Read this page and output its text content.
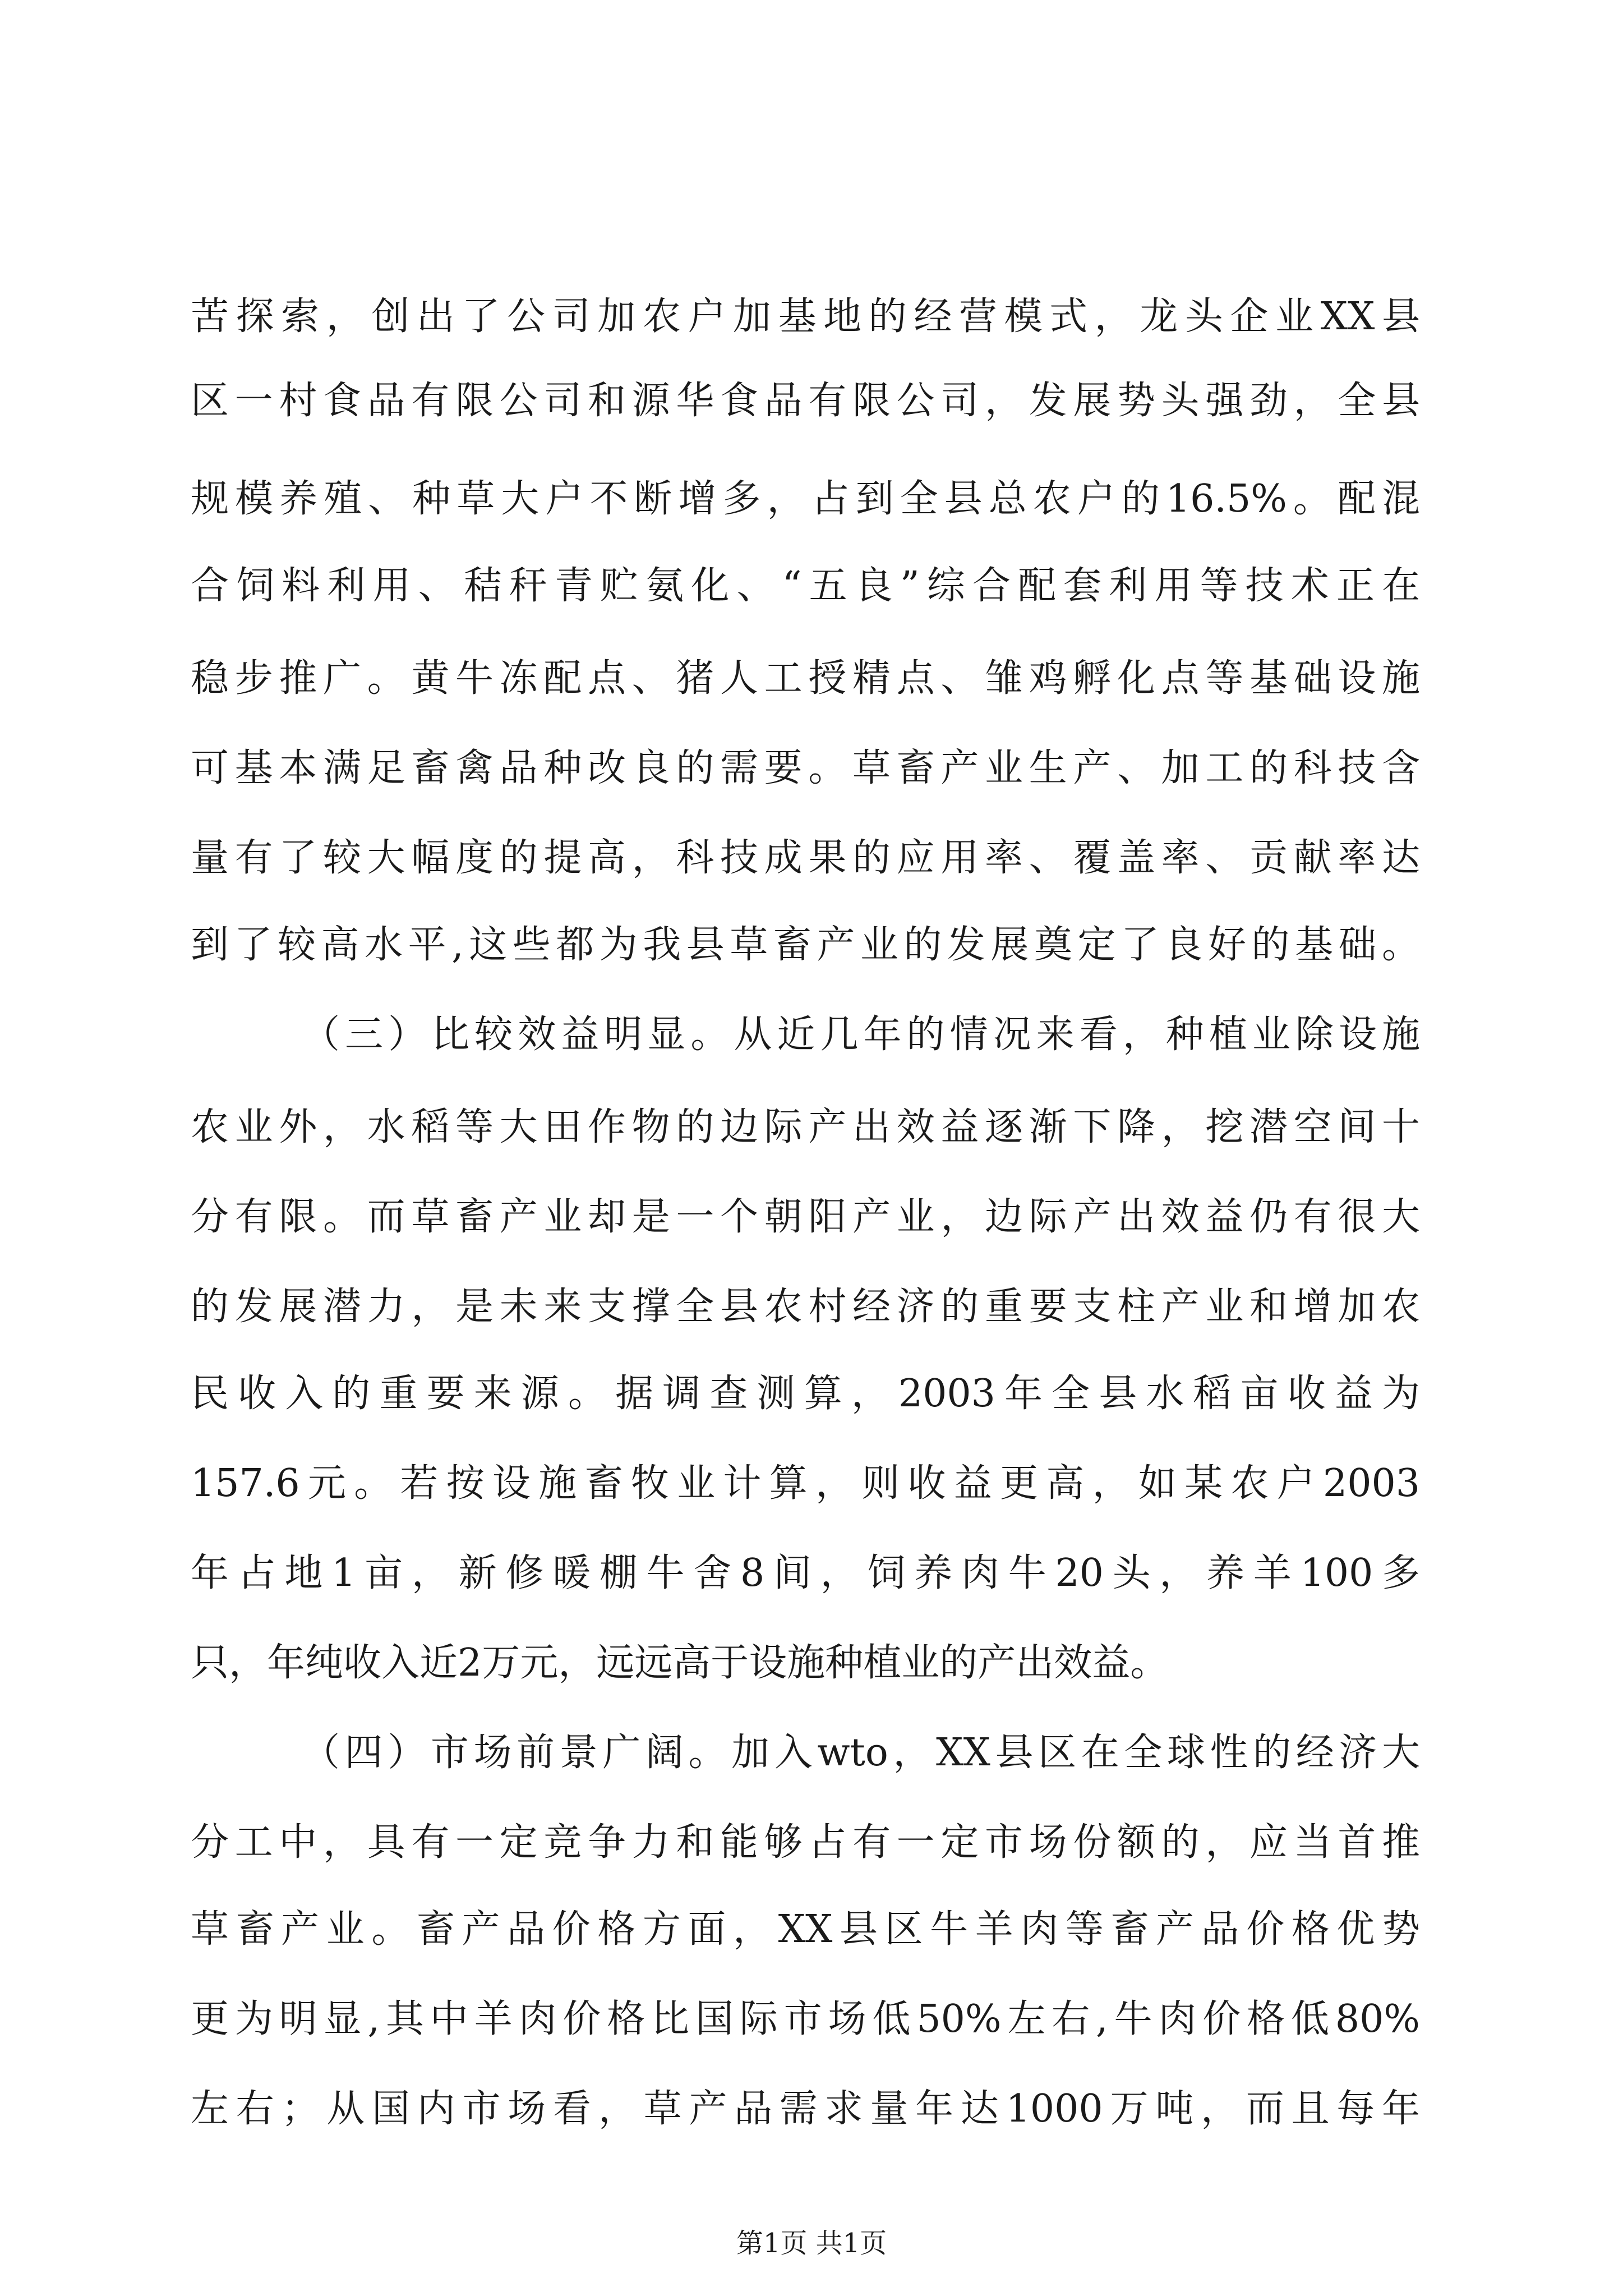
苦探索，创出了公司加农户加基地的经营模式，龙头企业XX县
区一村食品有限公司和源华食品有限公司，发展势头强劲，全县
规模养殖、种草大户不断增多，占到全县总农户的16.5%。配混
合饲料利用、秸秆青贮氨化、“五良”综合配套利用等技术正在
稳步推广。黄牛冻配点、猪人工授精点、雏鸡孵化点等基础设施
可基本满足畜禽品种改良的需要。草畜产业生产、加工的科技含
量有了较大幅度的提高，科技成果的应用率、覆盖率、贡献率达
到了较高水平,这些都为我县草畜产业的发展奠定了良好的基础。
（三）比较效益明显。从近几年的情况来看，种植业除设施
农业外，水稻等大田作物的边际产出效益逐渐下降，挖潜空间十
分有限。而草畜产业却是一个朝阳产业，边际产出效益仍有很大
的发展潜力，是未来支撑全县农村经济的重要支柱产业和增加农
民收入的重要来源。据调查测算，2003年全县水稻亩收益为
157.6元。若按设施畜牧业计算，则收益更高，如某农户2003
年占地1亩，新修暖棚牛舍8间，饲养肉牛20头，养羊100多
只，年纯收入近2万元，远远高于设施种植业的产出效益。
（四）市场前景广阔。加入wto，XX县区在全球性的经济大
分工中，具有一定竞争力和能够占有一定市场份额的，应当首推
草畜产业。畜产品价格方面，XX县区牛羊肉等畜产品价格优势
更为明显,其中羊肉价格比国际市场低50%左右,牛肉价格低80%
左右；从国内市场看，草产品需求量年达1000万吨，而且每年
第1页 共1页
